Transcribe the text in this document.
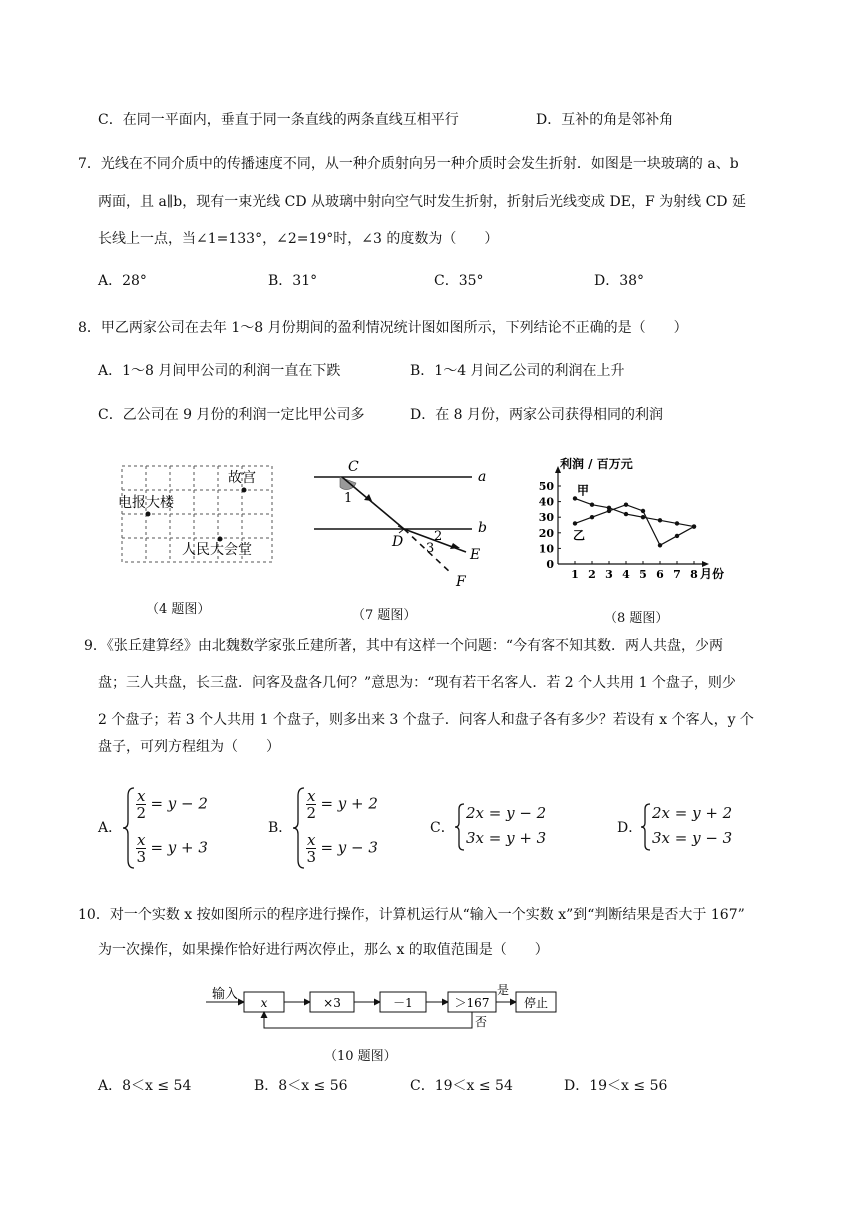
C．在同一平面内，垂直于同一条直线的两条直线互相平行	D．互补的角是邻补角
7．光线在不同介质中的传播速度不同，从一种介质射向另一种介质时会发生折射．如图是一块玻璃的 a、b
两面，且 a∥b，现有一束光线 CD 从玻璃中射向空气时发生折射，折射后光线变成 DE，F 为射线 CD 延
长线上一点，当∠1=133°，∠2=19°时，∠3 的度数为（　　）
A．28°	B．31°	C．35°	D．38°
8．甲乙两家公司在去年 1～8 月份期间的盈利情况统计图如图所示，下列结论不正确的是（　　）
A．1～8 月间甲公司的利润一直在下跌	B．1～4 月间乙公司的利润在上升
C．乙公司在 9 月份的利润一定比甲公司多	D．在 8 月份，两家公司获得相同的利润
故宫
电报大楼
人民大会堂
（4 题图）
C
a
1
b
D 2
3	E
F
（7 题图）
利润 / 百万元
月份
0
10
20
30
40
50
1 2 3 4 5 6 7 8
甲
乙
（8 题图）
9．《张丘建算经》由北魏数学家张丘建所著，其中有这样一个问题：“今有客不知其数．两人共盘，少两
盘；三人共盘，长三盘．问客及盘各几何？”意思为：“现有若干名客人．若 2 个人共用 1 个盘子，则少
2 个盘子；若 3 个人共用 1 个盘子，则多出来 3 个盘子．问客人和盘子各有多少？若设有 x 个客人，y 个
盘子，可列方程组为（　　）
A．
$\frac{x}{2} = y - 2$
$\frac{x}{3} = y + 3$
B．
$\frac{x}{2} = y + 2$
$\frac{x}{3} = y - 3$
C．
2x = y − 2
3x = y + 3
D．
2x = y + 2
3x = y − 3
10．对一个实数 x 按如图所示的程序进行操作，计算机运行从“输入一个实数 x”到“判断结果是否大于 167”
为一次操作，如果操作恰好进行两次停止，那么 x 的取值范围是（　　）
输入
x	×3	－1	＞167
是
停止
否
（10 题图）
A．8＜x ≤ 54	B．8＜x ≤ 56	C．19＜x ≤ 54	D．19＜x ≤ 56
